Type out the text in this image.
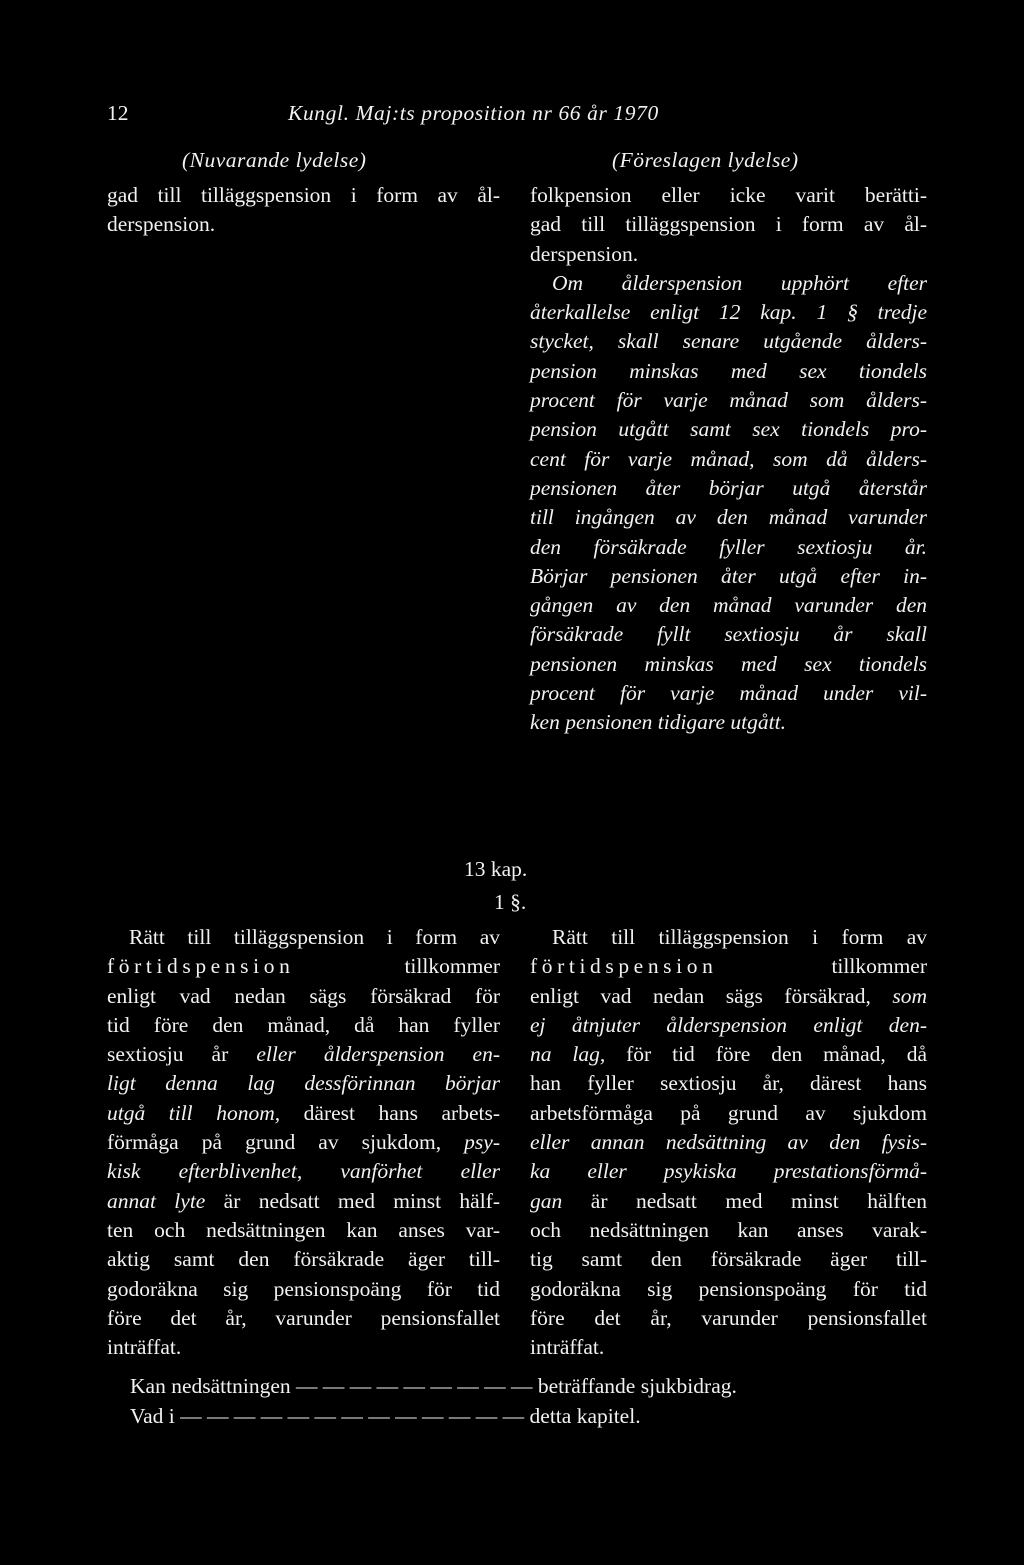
12	Kungl. Maj:ts proposition nr 66 år 1970
(Nuvarande lydelse)	(Föreslagen lydelse)
gad till tilläggspension i form av ål-
derspension.
folkpension eller icke varit berätti-
gad till tilläggspension i form av ål-
derspension.
Om ålderspension upphört efter
återkallelse enligt 12 kap. 1 § tredje
stycket, skall senare utgående ålders-
pension minskas med sex tiondels
procent för varje månad som ålders-
pension utgått samt sex tiondels pro-
cent för varje månad, som då ålders-
pensionen åter börjar utgå återstår
till ingången av den månad varunder
den försäkrade fyller sextiosju år.
Börjar pensionen åter utgå efter in-
gången av den månad varunder den
försäkrade fyllt sextiosju år skall
pensionen minskas med sex tiondels
procent för varje månad under vil-
ken pensionen tidigare utgått.
13 kap.
1 §.
Rätt till tilläggspension i form av
förtidspension	tillkommer
enligt vad nedan sägs försäkrad för
tid före den månad, då han fyller
sextiosju år eller ålderspension en-
ligt denna lag dessförinnan börjar
utgå till honom, därest hans arbets-
förmåga på grund av sjukdom, psy-
kisk efterblivenhet, vanförhet eller
annat lyte är nedsatt med minst hälf-
ten och nedsättningen kan anses var-
aktig samt den försäkrade äger till-
godoräkna sig pensionspoäng för tid
före det år, varunder pensionsfallet
inträffat.
Rätt till tilläggspension i form av
förtidspension	tillkommer
enligt vad nedan sägs försäkrad, som
ej åtnjuter ålderspension enligt den-
na lag, för tid före den månad, då
han fyller sextiosju år, därest hans
arbetsförmåga på grund av sjukdom
eller annan nedsättning av den fysis-
ka eller psykiska prestationsförmå-
gan är nedsatt med minst hälften
och nedsättningen kan anses varak-
tig samt den försäkrade äger till-
godoräkna sig pensionspoäng för tid
före det år, varunder pensionsfallet
inträffat.
Kan nedsättningen — — — — — — — — — beträffande sjukbidrag.
Vad i — — — — — — — — — — — — — detta kapitel.
